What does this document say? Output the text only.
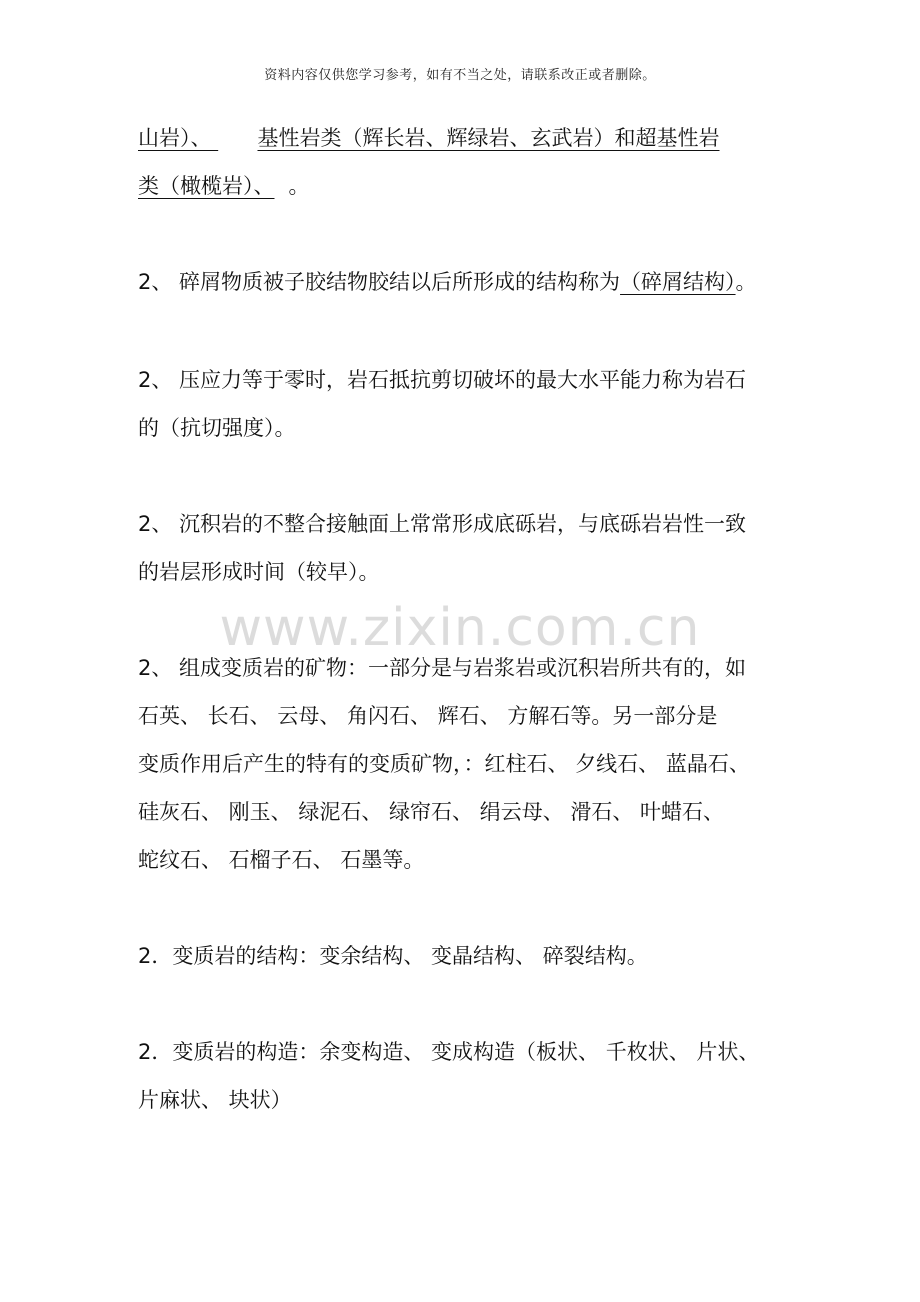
资料内容仅供您学习参考，如有不当之处，请联系改正或者删除。
www.zixin.com.cn
山岩）、 基性岩类（辉长岩、辉绿岩、玄武岩）和超基性岩
类（橄榄岩）、 。
2、 碎屑物质被子胶结物胶结以后所形成的结构称为（碎屑结构）。
2、 压应力等于零时，岩石抵抗剪切破坏的最大水平能力称为岩石
的（抗切强度）。
2、 沉积岩的不整合接触面上常常形成底砾岩，与底砾岩岩性一致
的岩层形成时间（较早）。
2、 组成变质岩的矿物：一部分是与岩浆岩或沉积岩所共有的，如
石英、 长石、 云母、 角闪石、 辉石、 方解石等。另一部分是
变质作用后产生的特有的变质矿物，：红柱石、 夕线石、 蓝晶石、
硅灰石、 刚玉、 绿泥石、 绿帘石、 绢云母、 滑石、 叶蜡石、
蛇纹石、 石榴子石、 石墨等。
2．变质岩的结构：变余结构、 变晶结构、 碎裂结构。
2．变质岩的构造：余变构造、 变成构造（板状、 千枚状、 片状、
片麻状、 块状）
